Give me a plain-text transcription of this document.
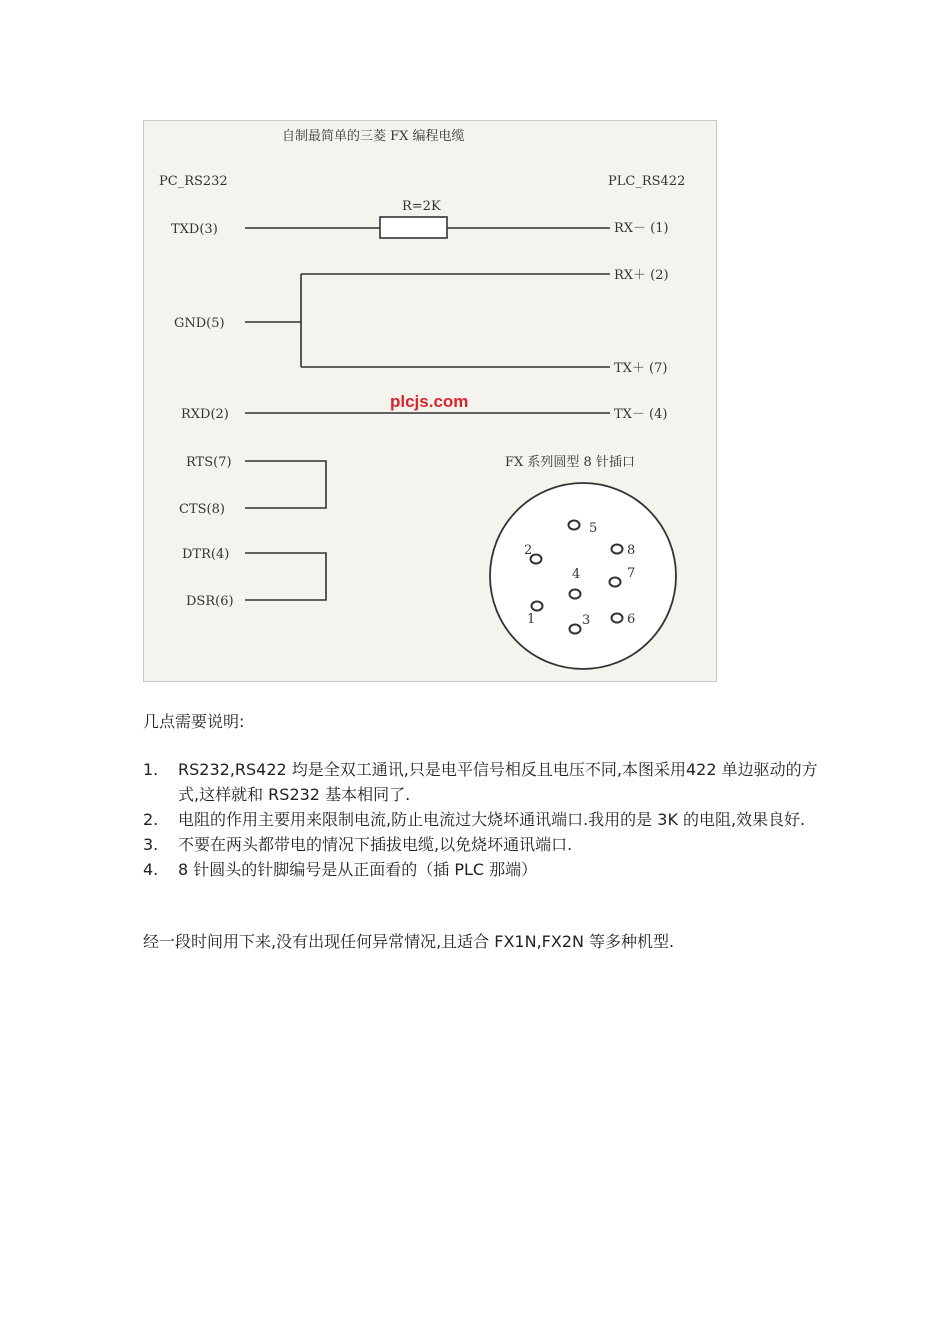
自制最简单的三菱 FX 编程电缆
PC_RS232	PLC_RS422
TXD(3)
R=2K
RX－ (1)
GND(5)
RX＋ (2)
TX＋ (7)
RXD(2)	TX－ (4)
plcjs.com
RTS(7)
CTS(8)
DTR(4)
DSR(6)
FX 系列圆型 8 针插口
1
2
3
4
5
6
7
8
几点需要说明:
1. RS232,RS422 均是全双工通讯,只是电平信号相反且电压不同,本图采用422 单边驱动的方式,这样就和 RS232 基本相同了.
2. 电阻的作用主要用来限制电流,防止电流过大烧坏通讯端口.我用的是 3K 的电阻,效果良好.
3. 不要在两头都带电的情况下插拔电缆,以免烧坏通讯端口.
4. 8 针圆头的针脚编号是从正面看的（插 PLC 那端）
经一段时间用下来,没有出现任何异常情况,且适合 FX1N,FX2N 等多种机型.
